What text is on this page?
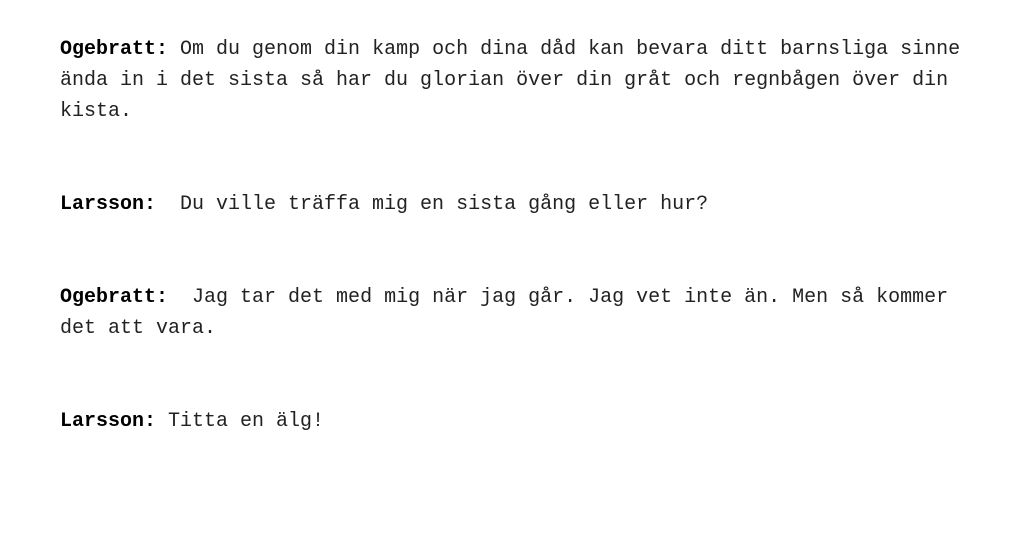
Ogebratt: Om du genom din kamp och dina dåd kan bevara ditt barnsliga sinne ända in i det sista så har du glorian över din gråt och regnbågen över din kista.

Larsson:  Du ville träffa mig en sista gång eller hur?

Ogebratt:  Jag tar det med mig när jag går. Jag vet inte än. Men så kommer det att vara.

Larsson: Titta en älg!
